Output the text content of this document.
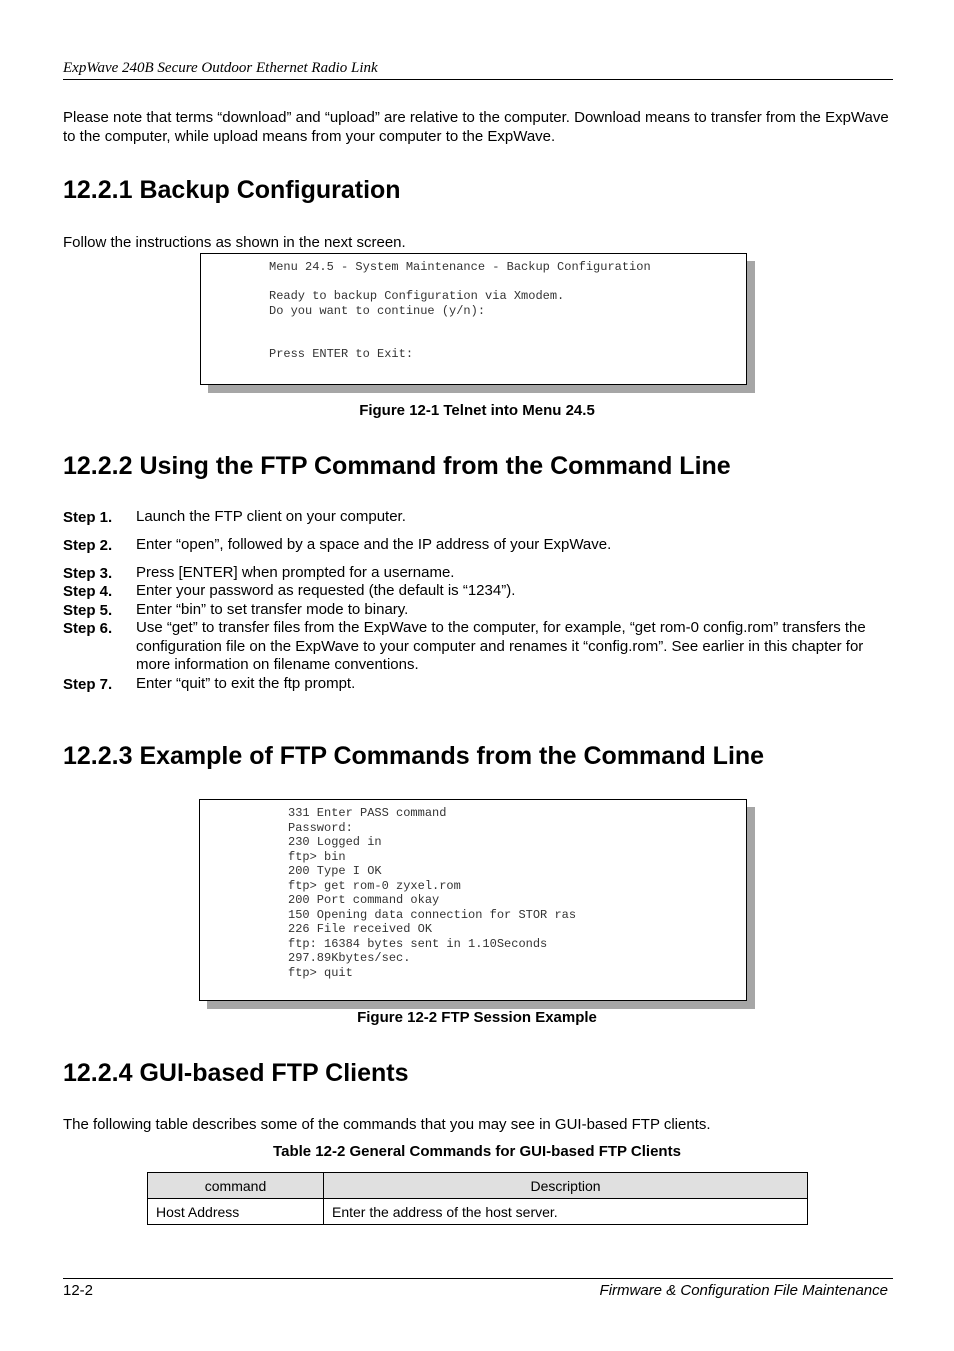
ExpWave 240B Secure Outdoor Ethernet Radio Link
Please note that terms “download” and “upload” are relative to the computer. Download means to transfer from the ExpWave to the computer, while upload means from your computer to the ExpWave.
12.2.1 Backup Configuration
Follow the instructions as shown in the next screen.

Menu 24.5 - System Maintenance - Backup Configuration
Ready to backup Configuration via Xmodem.
Do you want to continue (y/n):
Press ENTER to Exit:

Figure 12-1 Telnet into Menu 24.5
12.2.2 Using the FTP Command from the Command Line
Step 1. Launch the FTP client on your computer.
Step 2. Enter “open”, followed by a space and the IP address of your ExpWave.
Step 3. Press [ENTER] when prompted for a username.
Step 4. Enter your password as requested (the default is “1234”).
Step 5. Enter “bin” to set transfer mode to binary.
Step 6. Use “get” to transfer files from the ExpWave to the computer, for example, “get rom-0 config.rom” transfers the configuration file on the ExpWave to your computer and renames it “config.rom”. See earlier in this chapter for more information on filename conventions.
Step 7. Enter “quit” to exit the ftp prompt.
12.2.3 Example of FTP Commands from the Command Line

331 Enter PASS command
Password:
230 Logged in
ftp> bin
200 Type I OK
ftp> get rom-0 zyxel.rom
200 Port command okay
150 Opening data connection for STOR ras
226 File received OK
ftp: 16384 bytes sent in 1.10Seconds
297.89Kbytes/sec.
ftp> quit

Figure 12-2 FTP Session Example
12.2.4 GUI-based FTP Clients
The following table describes some of the commands that you may see in GUI-based FTP clients.
Table 12-2 General Commands for GUI-based FTP Clients
command	Description
Host Address	Enter the address of the host server.
12-2	Firmware & Configuration File Maintenance
